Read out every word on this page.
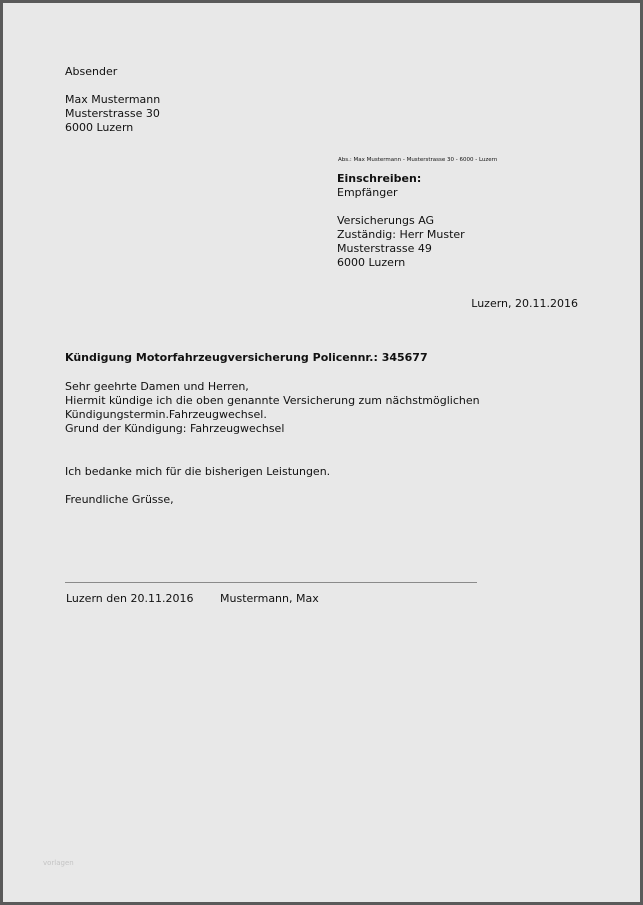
Absender
Max Mustermann
Musterstrasse 30
6000 Luzern
Abs.: Max Mustermann - Musterstrasse 30 - 6000 - Luzern
Einschreiben:
Empfänger
Versicherungs AG
Zuständig: Herr Muster
Musterstrasse 49
6000 Luzern
Luzern, 20.11.2016
Kündigung Motorfahrzeugversicherung Policennr.: 345677
Sehr geehrte Damen und Herren,
Hiermit kündige ich die oben genannte Versicherung zum nächstmöglichen
Kündigungstermin.Fahrzeugwechsel.
Grund der Kündigung: Fahrzeugwechsel
Ich bedanke mich für die bisherigen Leistungen.
Freundliche Grüsse,
Luzern den 20.11.2016 Mustermann, Max
vorlagen
